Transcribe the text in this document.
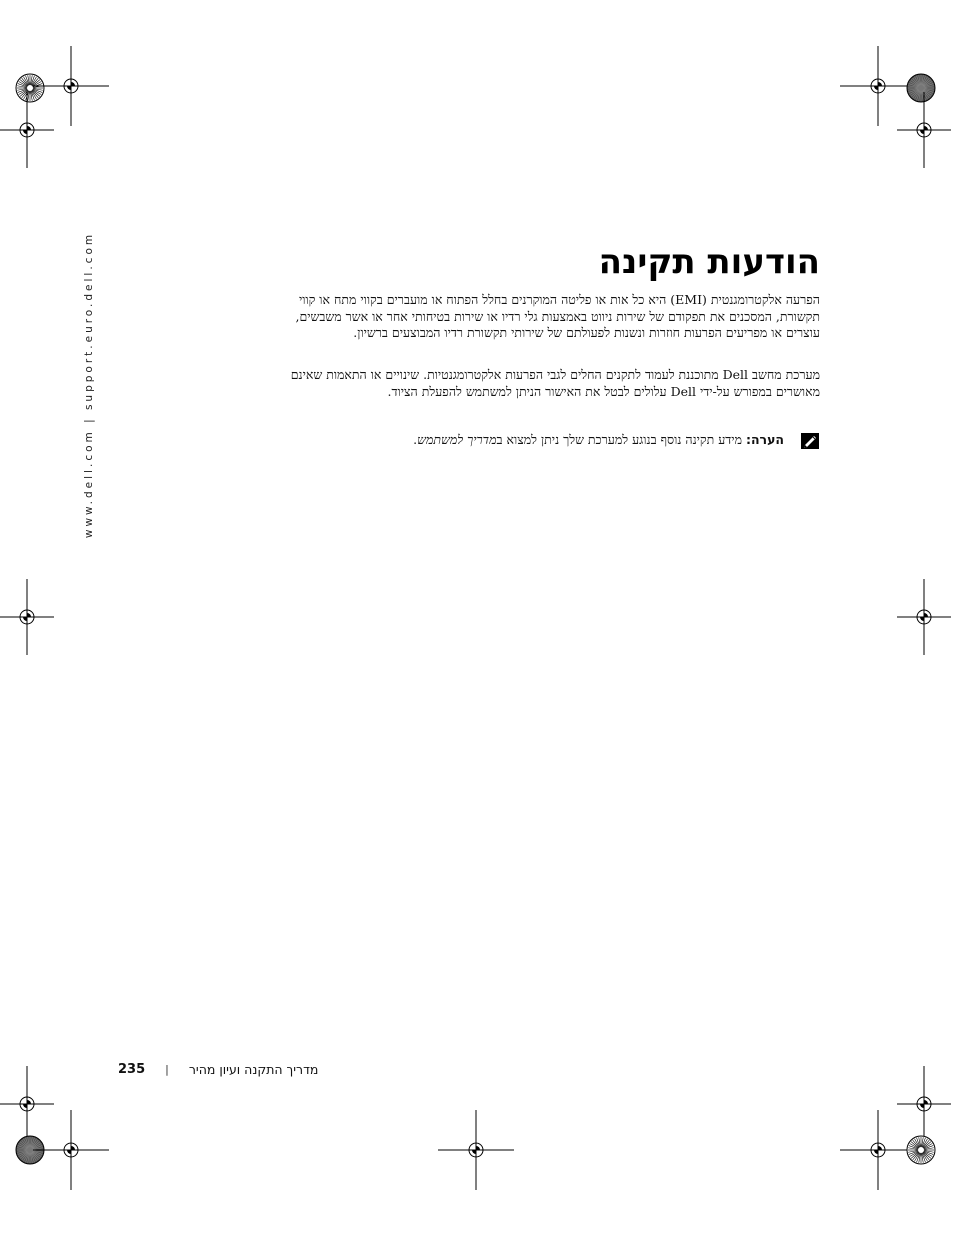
www.dell.com | support.euro.dell.com	הודעות תקינה
הפרעה אלקטרומגנטית (EMI) היא כל אות או פליטה המוקרנים בחלל הפתוח או מועברים בקווי מתח או קווי תקשורת, המסכנים את תפקודם של שירות ניווט באמצעות גלי רדיו או שירות בטיחותי אחר או אשר משבשים, עוצרים או מפריעים הפרעות חוזרות ונשנות לפעולתם של שירותי תקשורת רדיו המבוצעים ברשיון.
מערכת מחשב Dell מתוכננת לעמוד לתקנים החלים לגבי הפרעות אלקטרומגנטיות. שינויים או התאמות שאינם מאושרים במפורש על-ידי Dell עלולים לבטל את האישור הניתן למשתמש להפעלת הציוד.
הערה: מידע תקינה נוסף בנוגע למערכת שלך ניתן למצוא במדריך למשתמש.
235 | מדריך התקנה ועיון מהיר
